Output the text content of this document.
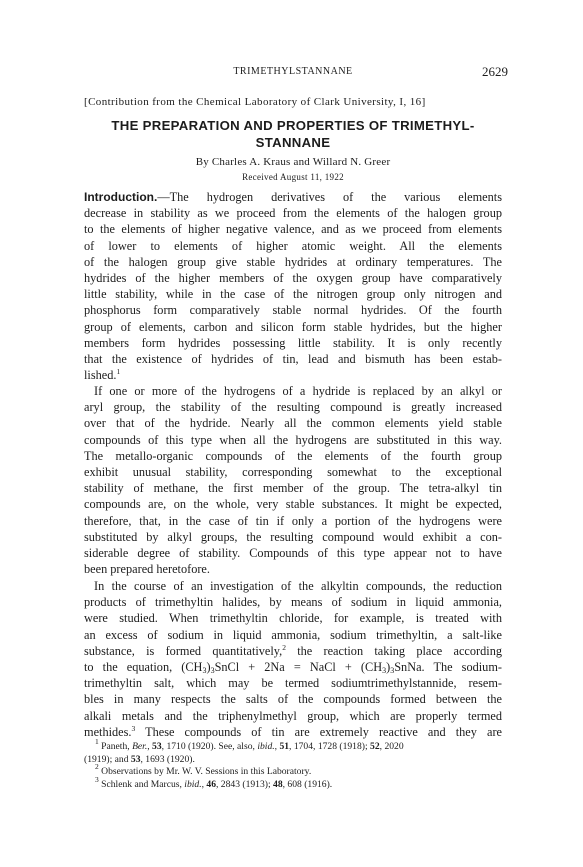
TRIMETHYLSTANNANE	2629
[Contribution from the Chemical Laboratory of Clark University, I, 16]
THE PREPARATION AND PROPERTIES OF TRIMETHYL-
STANNANE
By Charles A. Kraus and Willard N. Greer
Received August 11, 1922
Introduction.—The hydrogen derivatives of the various elements
decrease in stability as we proceed from the elements of the halogen group
to the elements of higher negative valence, and as we proceed from elements
of lower to elements of higher atomic weight. All the elements
of the halogen group give stable hydrides at ordinary temperatures. The
hydrides of the higher members of the oxygen group have comparatively
little stability, while in the case of the nitrogen group only nitrogen and
phosphorus form comparatively stable normal hydrides. Of the fourth
group of elements, carbon and silicon form stable hydrides, but the higher
members form hydrides possessing little stability. It is only recently
that the existence of hydrides of tin, lead and bismuth has been estab-
lished.$^1$
If one or more of the hydrogens of a hydride is replaced by an alkyl or
aryl group, the stability of the resulting compound is greatly increased
over that of the hydride. Nearly all the common elements yield stable
compounds of this type when all the hydrogens are substituted in this way.
The metallo-organic compounds of the elements of the fourth group
exhibit unusual stability, corresponding somewhat to the exceptional
stability of methane, the first member of the group. The tetra-alkyl tin
compounds are, on the whole, very stable substances. It might be expected,
therefore, that, in the case of tin if only a portion of the hydrogens were
substituted by alkyl groups, the resulting compound would exhibit a con-
siderable degree of stability. Compounds of this type appear not to have
been prepared heretofore.
In the course of an investigation of the alkyltin compounds, the reduction
products of trimethyltin halides, by means of sodium in liquid ammonia,
were studied. When trimethyltin chloride, for example, is treated with
an excess of sodium in liquid ammonia, sodium trimethyltin, a salt-like
substance, is formed quantitatively,$^2$ the reaction taking place according
to the equation, $(CH_3)_3SnCl + 2Na$ = NaCl + $(CH_3)_3SnNa$. The sodium-
trimethyltin salt, which may be termed sodiumtrimethylstannide, resem-
bles in many respects the salts of the compounds formed between the
alkali metals and the triphenylmethyl group, which are properly termed
methides.$^3$ These compounds of tin are extremely reactive and they are
$^1$ Paneth, Ber., 53, 1710 (1920). See, also, ibid., 51, 1704, 1728 (1918); 52, 2020
(1919); and 53, 1693 (1920).
$^2$ Observations by Mr. W. V. Sessions in this Laboratory.
$^3$ Schlenk and Marcus, ibid., 46, 2843 (1913); 48, 608 (1916).
